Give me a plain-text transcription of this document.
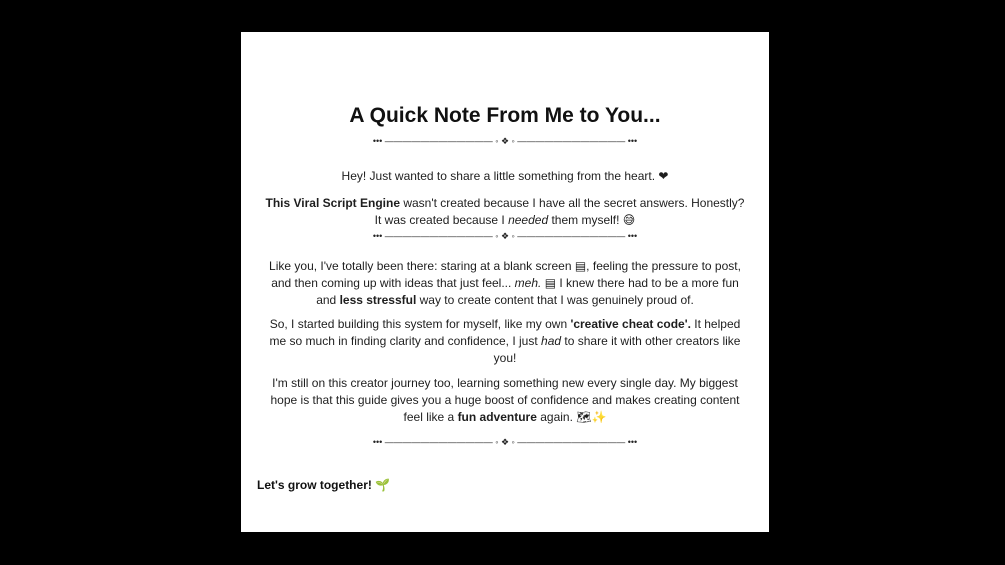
A Quick Note From Me to You...
••• ———————————— ◦ ❖ ◦ ———————————— •••
Hey! Just wanted to share a little something from the heart. ❤
This Viral Script Engine wasn't created because I have all the secret answers. Honestly? It was created because I needed them myself! 😅
••• ———————————— ◦ ❖ ◦ ———————————— •••
Like you, I've totally been there: staring at a blank screen ▤, feeling the pressure to post, and then coming up with ideas that just feel... meh. ▤ I knew there had to be a more fun and less stressful way to create content that I was genuinely proud of.
So, I started building this system for myself, like my own 'creative cheat code'. It helped me so much in finding clarity and confidence, I just had to share it with other creators like you!
I'm still on this creator journey too, learning something new every single day. My biggest hope is that this guide gives you a huge boost of confidence and makes creating content feel like a fun adventure again. 🗺✨
••• ———————————— ◦ ❖ ◦ ———————————— •••
Let's grow together! 🌱
